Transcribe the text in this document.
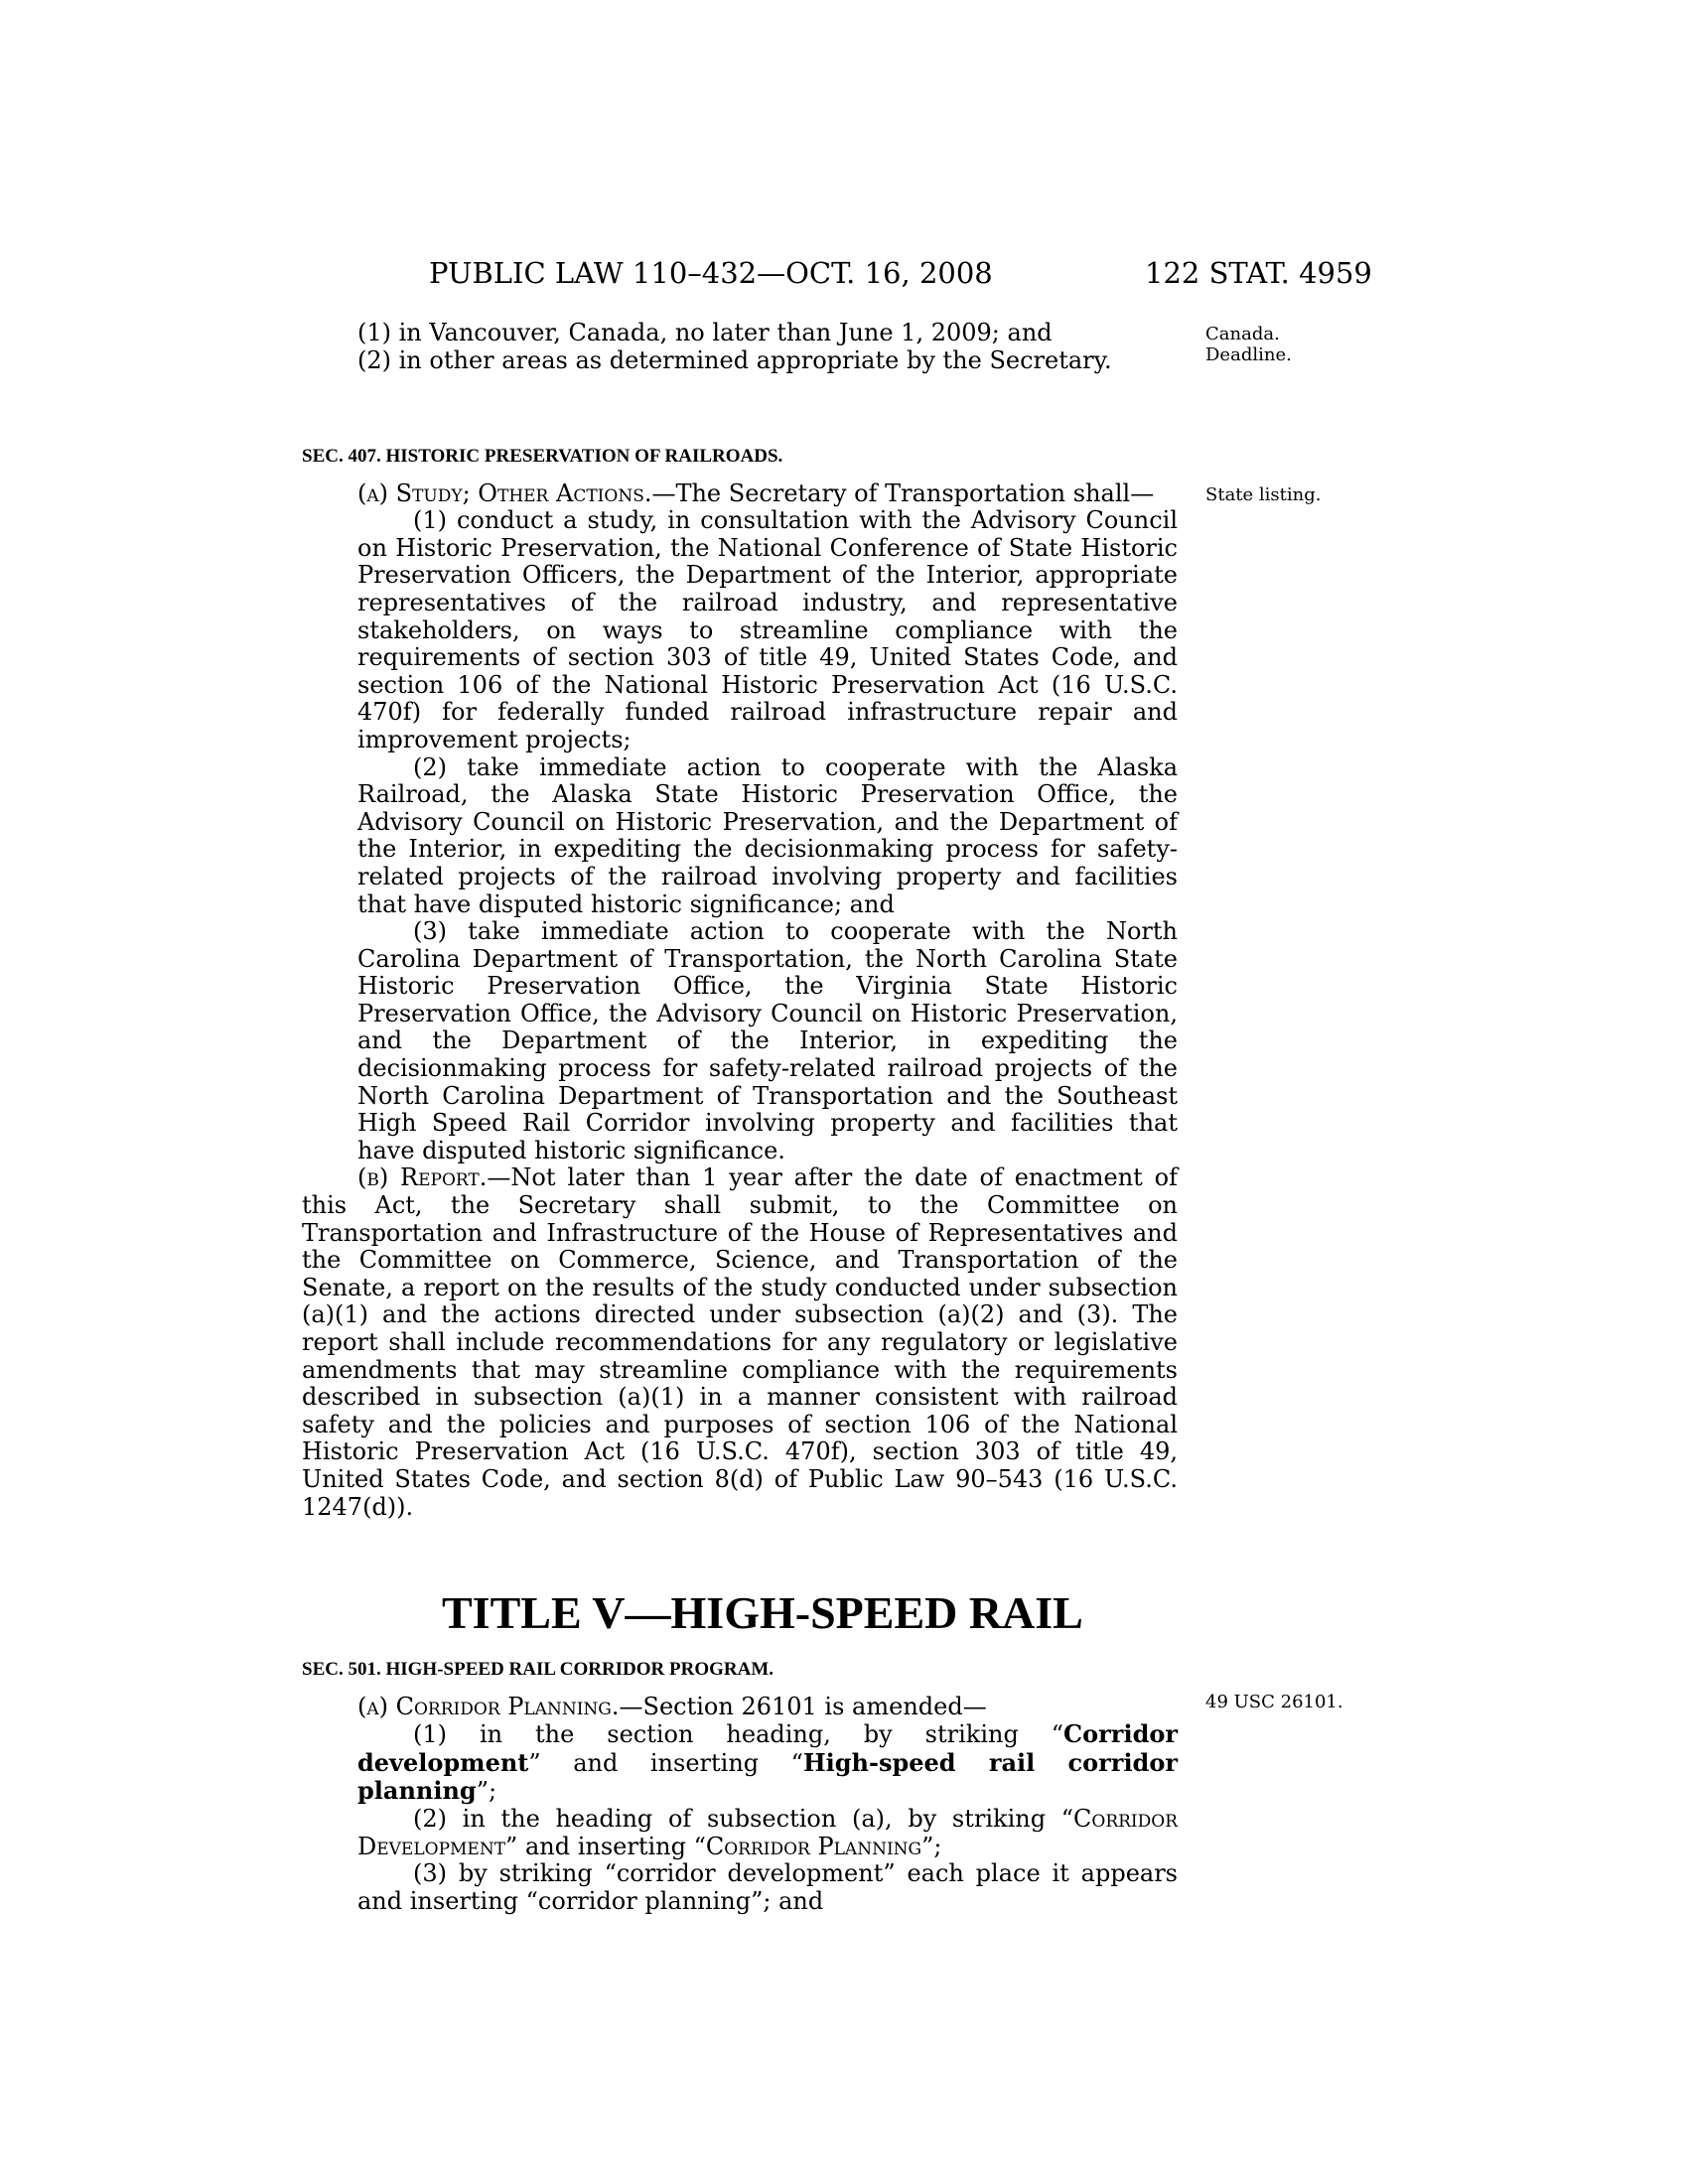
PUBLIC LAW 110–432—OCT. 16, 2008	122 STAT. 4959
Canada.
Deadline.
State listing.
49 USC 26101.

(1) in Vancouver, Canada, no later than June 1, 2009; and

(2) in other areas as determined appropriate by the Secretary.

SEC. 407. HISTORIC PRESERVATION OF RAILROADS.

(a) Study; Other Actions.—The Secretary of Transportation shall—

(1) conduct a study, in consultation with the Advisory Council on Historic Preservation, the National Conference of State Historic Preservation Officers, the Department of the Interior, appropriate representatives of the railroad industry, and representative stakeholders, on ways to streamline compliance with the requirements of section 303 of title 49, United States Code, and section 106 of the National Historic Preservation Act (16 U.S.C. 470f) for federally funded railroad infrastructure repair and improvement projects;

(2) take immediate action to cooperate with the Alaska Railroad, the Alaska State Historic Preservation Office, the Advisory Council on Historic Preservation, and the Department of the Interior, in expediting the decisionmaking process for safety-related projects of the railroad involving property and facilities that have disputed historic significance; and

(3) take immediate action to cooperate with the North Carolina Department of Transportation, the North Carolina State Historic Preservation Office, the Virginia State Historic Preservation Office, the Advisory Council on Historic Preservation, and the Department of the Interior, in expediting the decisionmaking process for safety-related railroad projects of the North Carolina Department of Transportation and the Southeast High Speed Rail Corridor involving property and facilities that have disputed historic significance.

(b) Report.—Not later than 1 year after the date of enactment of this Act, the Secretary shall submit, to the Committee on Transportation and Infrastructure of the House of Representatives and the Committee on Commerce, Science, and Transportation of the Senate, a report on the results of the study conducted under subsection (a)(1) and the actions directed under subsection (a)(2) and (3). The report shall include recommendations for any regulatory or legislative amendments that may streamline compliance with the requirements described in subsection (a)(1) in a manner consistent with railroad safety and the policies and purposes of section 106 of the National Historic Preservation Act (16 U.S.C. 470f), section 303 of title 49, United States Code, and section 8(d) of Public Law 90–543 (16 U.S.C. 1247(d)).

TITLE V—HIGH-SPEED RAIL

SEC. 501. HIGH-SPEED RAIL CORRIDOR PROGRAM.

(a) Corridor Planning.—Section 26101 is amended—

(1) in the section heading, by striking “Corridor development” and inserting “High-speed rail corridor planning”;

(2) in the heading of subsection (a), by striking “Corridor Development” and inserting “Corridor Planning”;

(3) by striking “corridor development” each place it appears and inserting “corridor planning”; and
